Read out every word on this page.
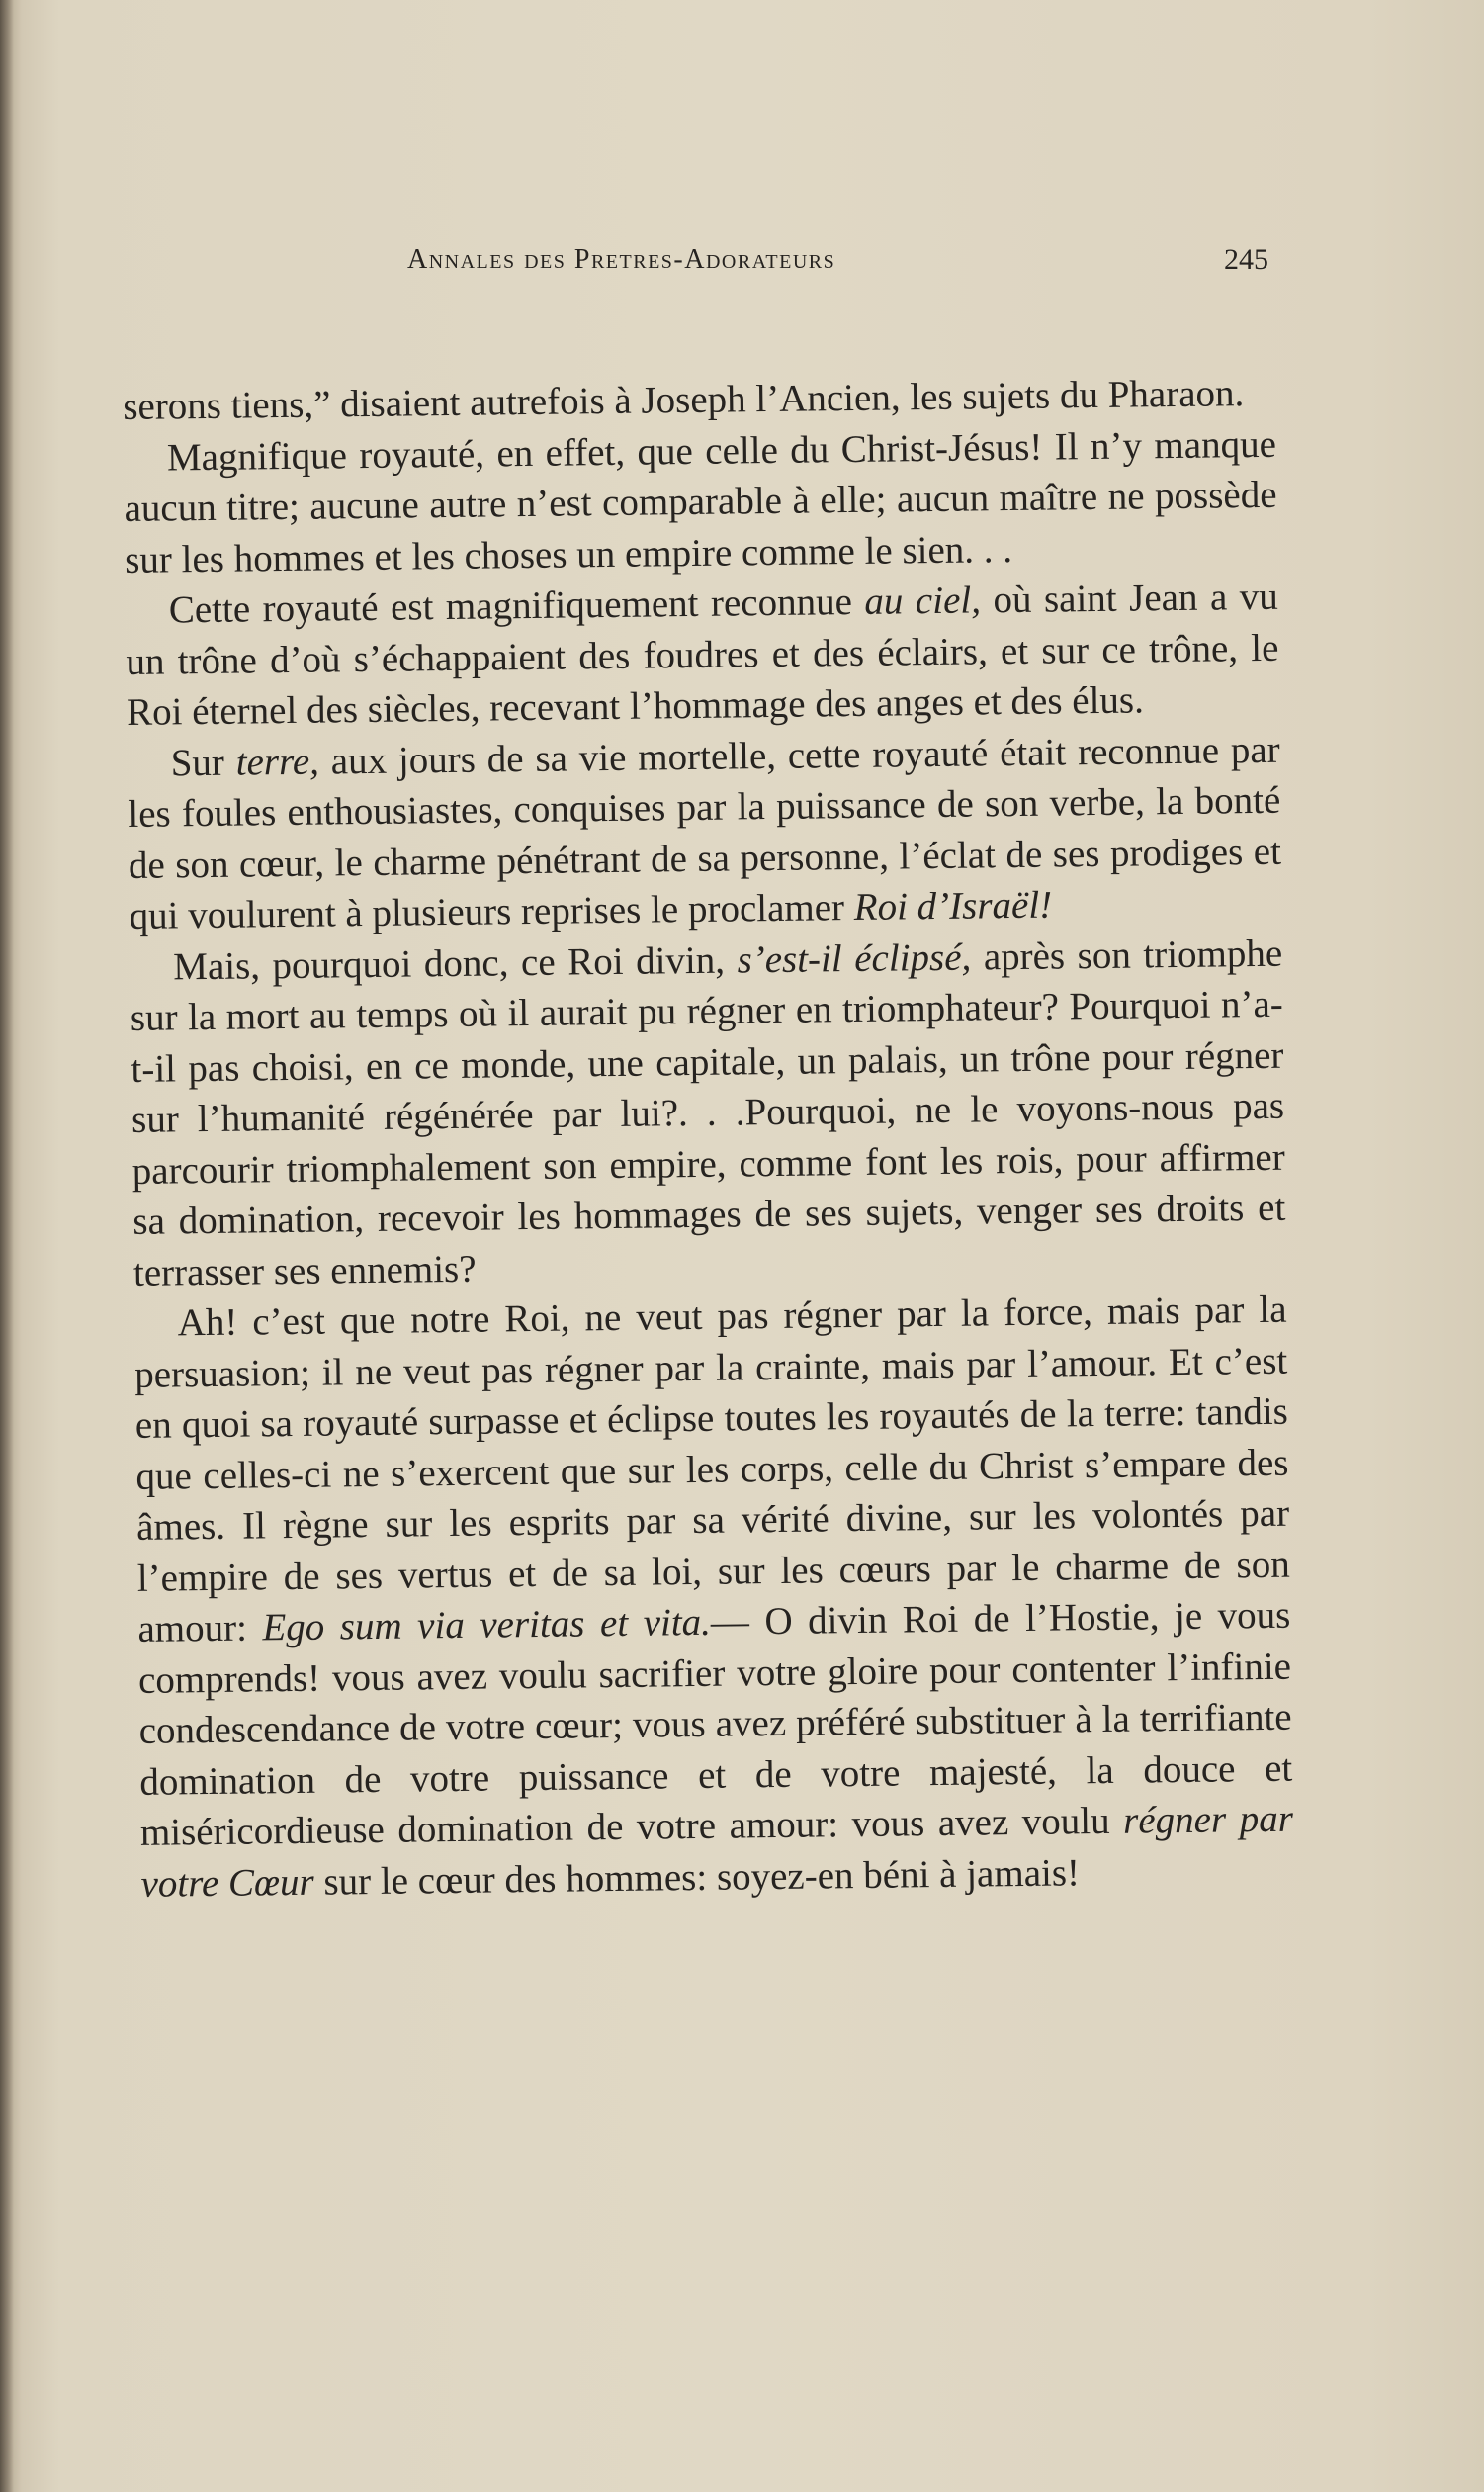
Annales des Pretres-Adorateurs	245

serons tiens,” disaient autrefois à Joseph l’Ancien, les sujets du Pharaon.

Magnifique royauté, en effet, que celle du Christ-Jésus! Il n’y manque aucun titre; aucune autre n’est comparable à elle; aucun maître ne possède sur les hommes et les choses un empire comme le sien. . .

Cette royauté est magnifiquement reconnue au ciel, où saint Jean a vu un trône d’où s’échappaient des foudres et des éclairs, et sur ce trône, le Roi éternel des siècles, recevant l’hommage des anges et des élus.

Sur terre, aux jours de sa vie mortelle, cette royauté était reconnue par les foules enthousiastes, conquises par la puissance de son verbe, la bonté de son cœur, le charme pénétrant de sa personne, l’éclat de ses prodiges et qui voulurent à plusieurs reprises le proclamer Roi d’Israël!

Mais, pourquoi donc, ce Roi divin, s’est-il éclipsé, après son triomphe sur la mort au temps où il aurait pu régner en triomphateur? Pourquoi n’a-t-il pas choisi, en ce monde, une capitale, un palais, un trône pour régner sur l’humanité régénérée par lui?. . .Pourquoi, ne le voyons-nous pas parcourir triomphalement son empire, comme font les rois, pour affirmer sa domination, recevoir les hommages de ses sujets, venger ses droits et terrasser ses ennemis?

Ah! c’est que notre Roi, ne veut pas régner par la force, mais par la persuasion; il ne veut pas régner par la crainte, mais par l’amour. Et c’est en quoi sa royauté surpasse et éclipse toutes les royautés de la terre: tandis que celles-ci ne s’exercent que sur les corps, celle du Christ s’empare des âmes. Il règne sur les esprits par sa vérité divine, sur les volontés par l’empire de ses vertus et de sa loi, sur les cœurs par le charme de son amour: Ego sum via veritas et vita.— O divin Roi de l’Hostie, je vous comprends! vous avez voulu sacrifier votre gloire pour contenter l’infinie condescendance de votre cœur; vous avez préféré substituer à la terrifiante domination de votre puissance et de votre majesté, la douce et miséricordieuse domination de votre amour: vous avez voulu régner par votre Cœur sur le cœur des hommes: soyez-en béni à jamais!
